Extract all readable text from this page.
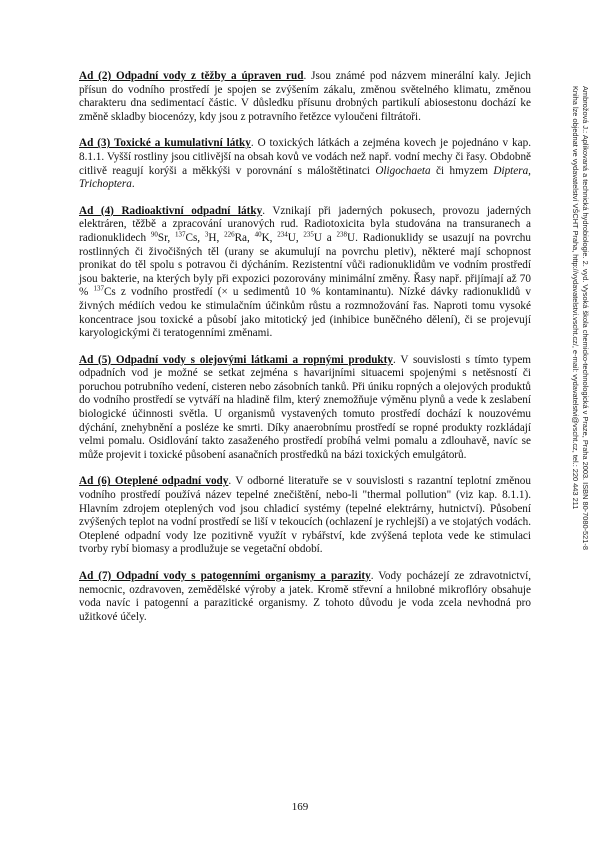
Ad (2) Odpadní vody z těžby a úpraven rud. Jsou známé pod názvem minerální kaly. Jejich přísun do vodního prostředí je spojen se zvýšením zákalu, změnou světelného klimatu, změnou charakteru dna sedimentací částic. V důsledku přísunu drobných partikulí abiosestonu dochází ke změně skladby biocenózy, kdy jsou z potravního řetězce vyloučeni filtrátoři.

Ad (3) Toxické a kumulativní látky. O toxických látkách a zejména kovech je pojednáno v kap. 8.1.1. Vyšší rostliny jsou citlivější na obsah kovů ve vodách než např. vodní mechy či řasy. Obdobně citlivě reagují korýši a měkkýši v porovnání s máloštětinatci Oligochaeta či hmyzem Diptera, Trichoptera.

Ad (4) Radioaktivní odpadní látky. Vznikají při jaderných pokusech, provozu jaderných elektráren, těžbě a zpracování uranových rud. Radiotoxicita byla studována na transuranech a radionuklidech $^{90}$Sr, $^{137}$Cs, $^3$H, $^{226}$Ra, $^{40}$K, $^{234}$U, $^{235}$U a $^{238}$U. Radionuklidy se usazují na povrchu rostlinných či živočišných těl (urany se akumulují na povrchu pletiv), některé mají schopnost pronikat do těl spolu s potravou či dýcháním. Rezistentní vůči radionuklidům ve vodním prostředí jsou bakterie, na kterých byly při expozici pozorovány minimální změny. Řasy např. přijímají až 70 % $^{137}$Cs z vodního prostředí (× u sedimentů 10 % kontaminantu). Nízké dávky radionuklidů v živných médiích vedou ke stimulačním účinkům růstu a rozmnožování řas. Naproti tomu vysoké koncentrace jsou toxické a působí jako mitotický jed (inhibice buněčného dělení), či se projevují karyologickými či teratogenními změnami.

Ad (5) Odpadní vody s olejovými látkami a ropnými produkty. V souvislosti s tímto typem odpadních vod je možné se setkat zejména s havarijními situacemi spojenými s netěsností či poruchou potrubního vedení, cisteren nebo zásobních tanků. Při úniku ropných a olejových produktů do vodního prostředí se vytváří na hladině film, který znemožňuje výměnu plynů a vede k zeslabení biologické účinnosti světla. U organismů vystavených tomuto prostředí dochází k nouzovému dýchání, znehybnění a posléze ke smrti. Díky anaerobnímu prostředí se ropné produkty rozkládají velmi pomalu. Osidlování takto zasaženého prostředí probíhá velmi pomalu a zdlouhavě, navíc se může projevit i toxické působení asanačních prostředků na bázi toxických emulgátorů.

Ad (6) Oteplené odpadní vody. V odborné literatuře se v souvislosti s razantní teplotní změnou vodního prostředí používá název tepelné znečištění, nebo-li "thermal pollution" (viz kap. 8.1.1). Hlavním zdrojem oteplených vod jsou chladicí systémy (tepelné elektrárny, hutnictví). Působení zvýšených teplot na vodní prostředí se liší v tekoucích (ochlazení je rychlejší) a ve stojatých vodách. Oteplené odpadní vody lze pozitivně využít v rybářství, kde zvýšená teplota vede ke stimulaci tvorby rybí biomasy a prodlužuje se vegetační období.

Ad (7) Odpadní vody s patogenními organismy a parazity. Vody pocházejí ze zdravotnictví, nemocnic, ozdravoven, zemědělské výroby a jatek. Kromě střevní a hnilobné mikroflóry obsahuje voda navíc i patogenní a parazitické organismy. Z tohoto důvodu je voda zcela nevhodná pro užitkové účely.

169
Ambrožová J.: Aplikovaná a technická hydrobiologie. 2. vyd. Vysoká škola chemicko-technologická v Praze, Praha 2003. ISBN 80-7080-521-8
Kniha lze objednat ve vydavatelství VŠCHT Praha, http://vydavatelstvi.vscht.cz/, e-mail: vydavatelstvi@vscht.cz, tel.: 220 443 211
